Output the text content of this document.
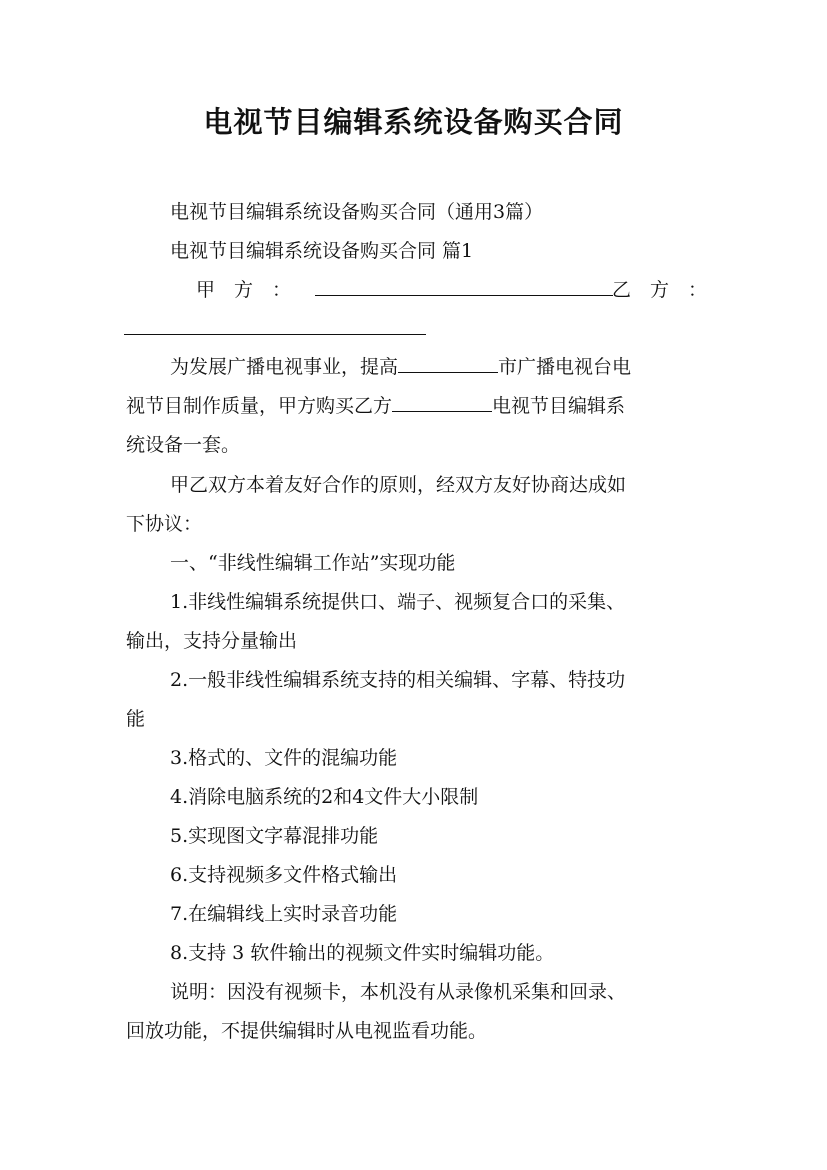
电视节目编辑系统设备购买合同
电视节目编辑系统设备购买合同（通用3篇）
电视节目编辑系统设备购买合同 篇1
甲　方　：	乙　方　：
为发展广播电视事业，提高	市广播电视台电
视节目制作质量，甲方购买乙方	电视节目编辑系
统设备一套。
甲乙双方本着友好合作的原则，经双方友好协商达成如
下协议：
一、“非线性编辑工作站”实现功能
1.非线性编辑系统提供口、端子、视频复合口的采集、
输出，支持分量输出
2.一般非线性编辑系统支持的相关编辑、字幕、特技功
能
3.格式的、文件的混编功能
4.消除电脑系统的2和4文件大小限制
5.实现图文字幕混排功能
6.支持视频多文件格式输出
7.在编辑线上实时录音功能
8.支持 3 软件输出的视频文件实时编辑功能。
说明：因没有视频卡，本机没有从录像机采集和回录、
回放功能，不提供编辑时从电视监看功能。
